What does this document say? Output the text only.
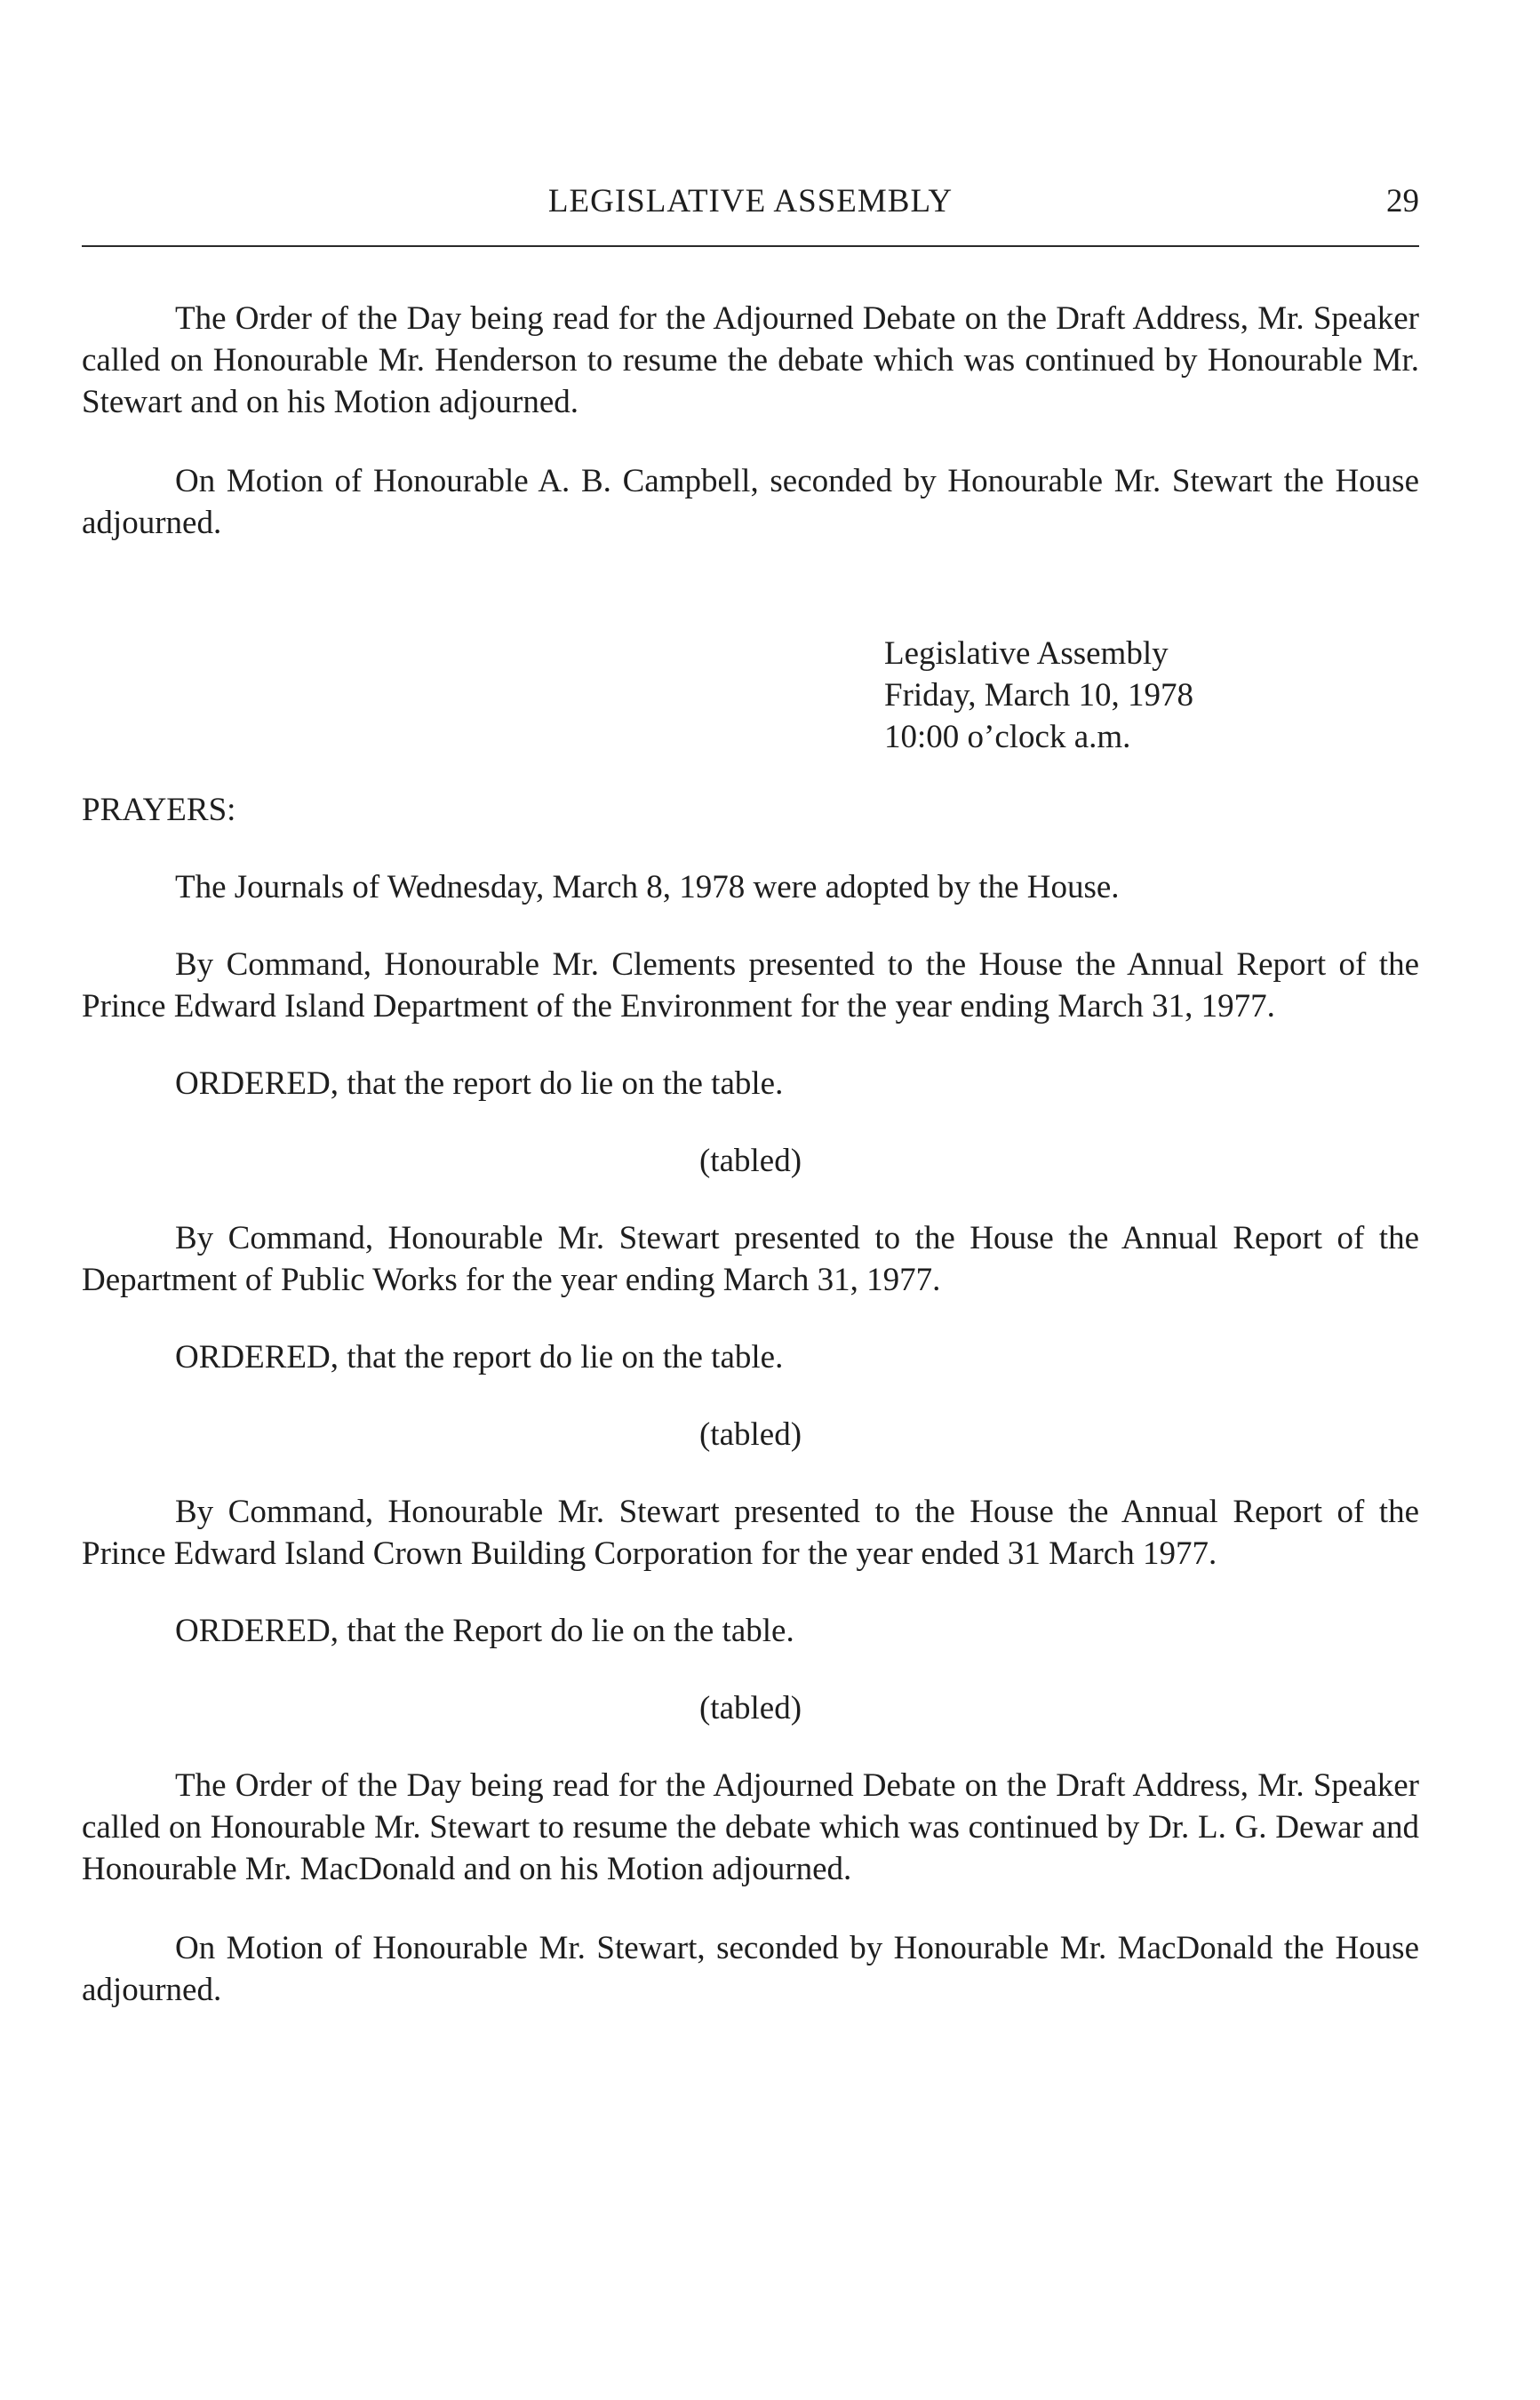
LEGISLATIVE ASSEMBLY	29

The Order of the Day being read for the Adjourned Debate on the Draft Address, Mr. Speaker called on Honourable Mr. Henderson to resume the debate which was continued by Honourable Mr. Stewart and on his Motion adjourned.

On Motion of Honourable A. B. Campbell, seconded by Honourable Mr. Stewart the House adjourned.

Legislative Assembly
Friday, March 10, 1978
10:00 o’clock a.m.

PRAYERS:

The Journals of Wednesday, March 8, 1978 were adopted by the House.

By Command, Honourable Mr. Clements presented to the House the Annual Report of the Prince Edward Island Department of the Environment for the year ending March 31, 1977.

ORDERED, that the report do lie on the table.

(tabled)

By Command, Honourable Mr. Stewart presented to the House the Annual Report of the Department of Public Works for the year ending March 31, 1977.

ORDERED, that the report do lie on the table.

(tabled)

By Command, Honourable Mr. Stewart presented to the House the Annual Report of the Prince Edward Island Crown Building Corporation for the year ended 31 March 1977.

ORDERED, that the Report do lie on the table.

(tabled)

The Order of the Day being read for the Adjourned Debate on the Draft Address, Mr. Speaker called on Honourable Mr. Stewart to resume the debate which was continued by Dr. L. G. Dewar and Honourable Mr. MacDonald and on his Motion adjourned.

On Motion of Honourable Mr. Stewart, seconded by Honourable Mr. MacDonald the House adjourned.
